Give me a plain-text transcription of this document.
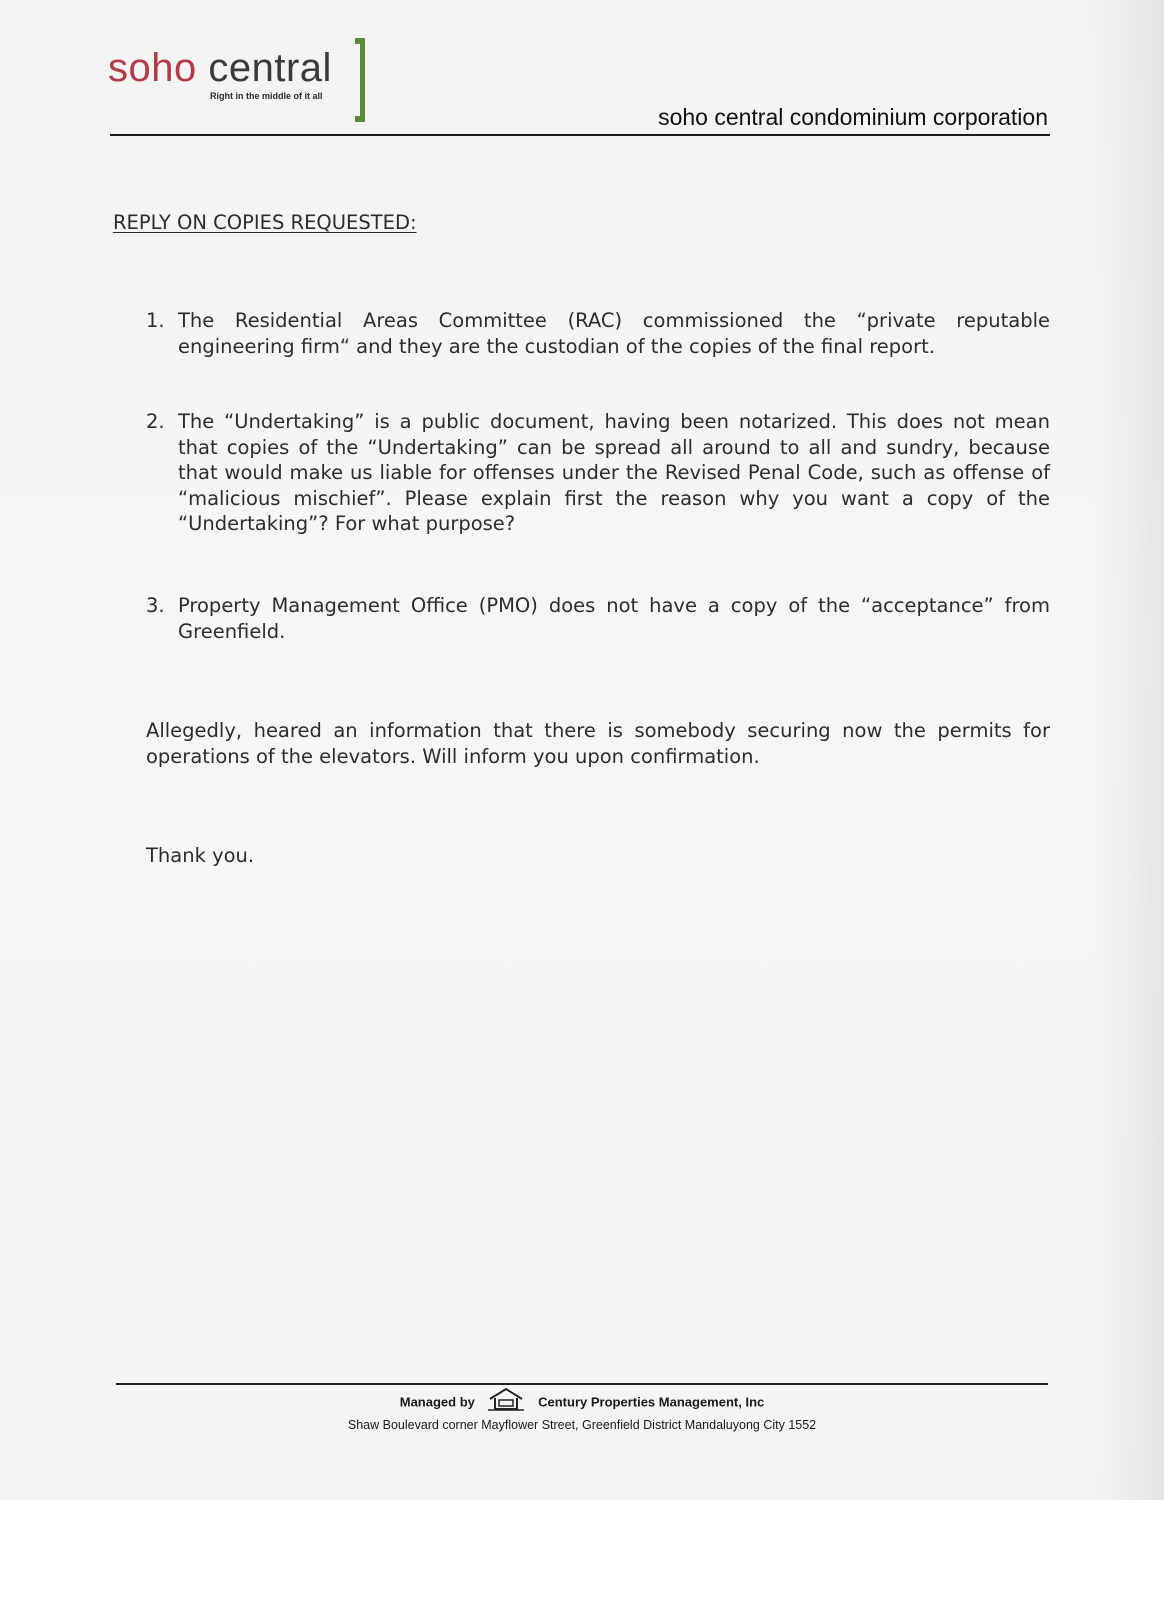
soho central
Right in the middle of it all
soho central condominium corporation
REPLY ON COPIES REQUESTED:
1. The Residential Areas Committee (RAC) commissioned the “private reputable engineering firm“ and they are the custodian of the copies of the final report.
2. The “Undertaking” is a public document, having been notarized. This does not mean that copies of the “Undertaking” can be spread all around to all and sundry, because that would make us liable for offenses under the Revised Penal Code, such as offense of “malicious mischief”. Please explain first the reason why you want a copy of the “Undertaking”? For what purpose?
3. Property Management Office (PMO) does not have a copy of the “acceptance” from Greenfield.
Allegedly, heared an information that there is somebody securing now the permits for operations of the elevators. Will inform you upon confirmation.
Thank you.
Managed by	Century Properties Management, Inc
Shaw Boulevard corner Mayflower Street, Greenfield District Mandaluyong City 1552
